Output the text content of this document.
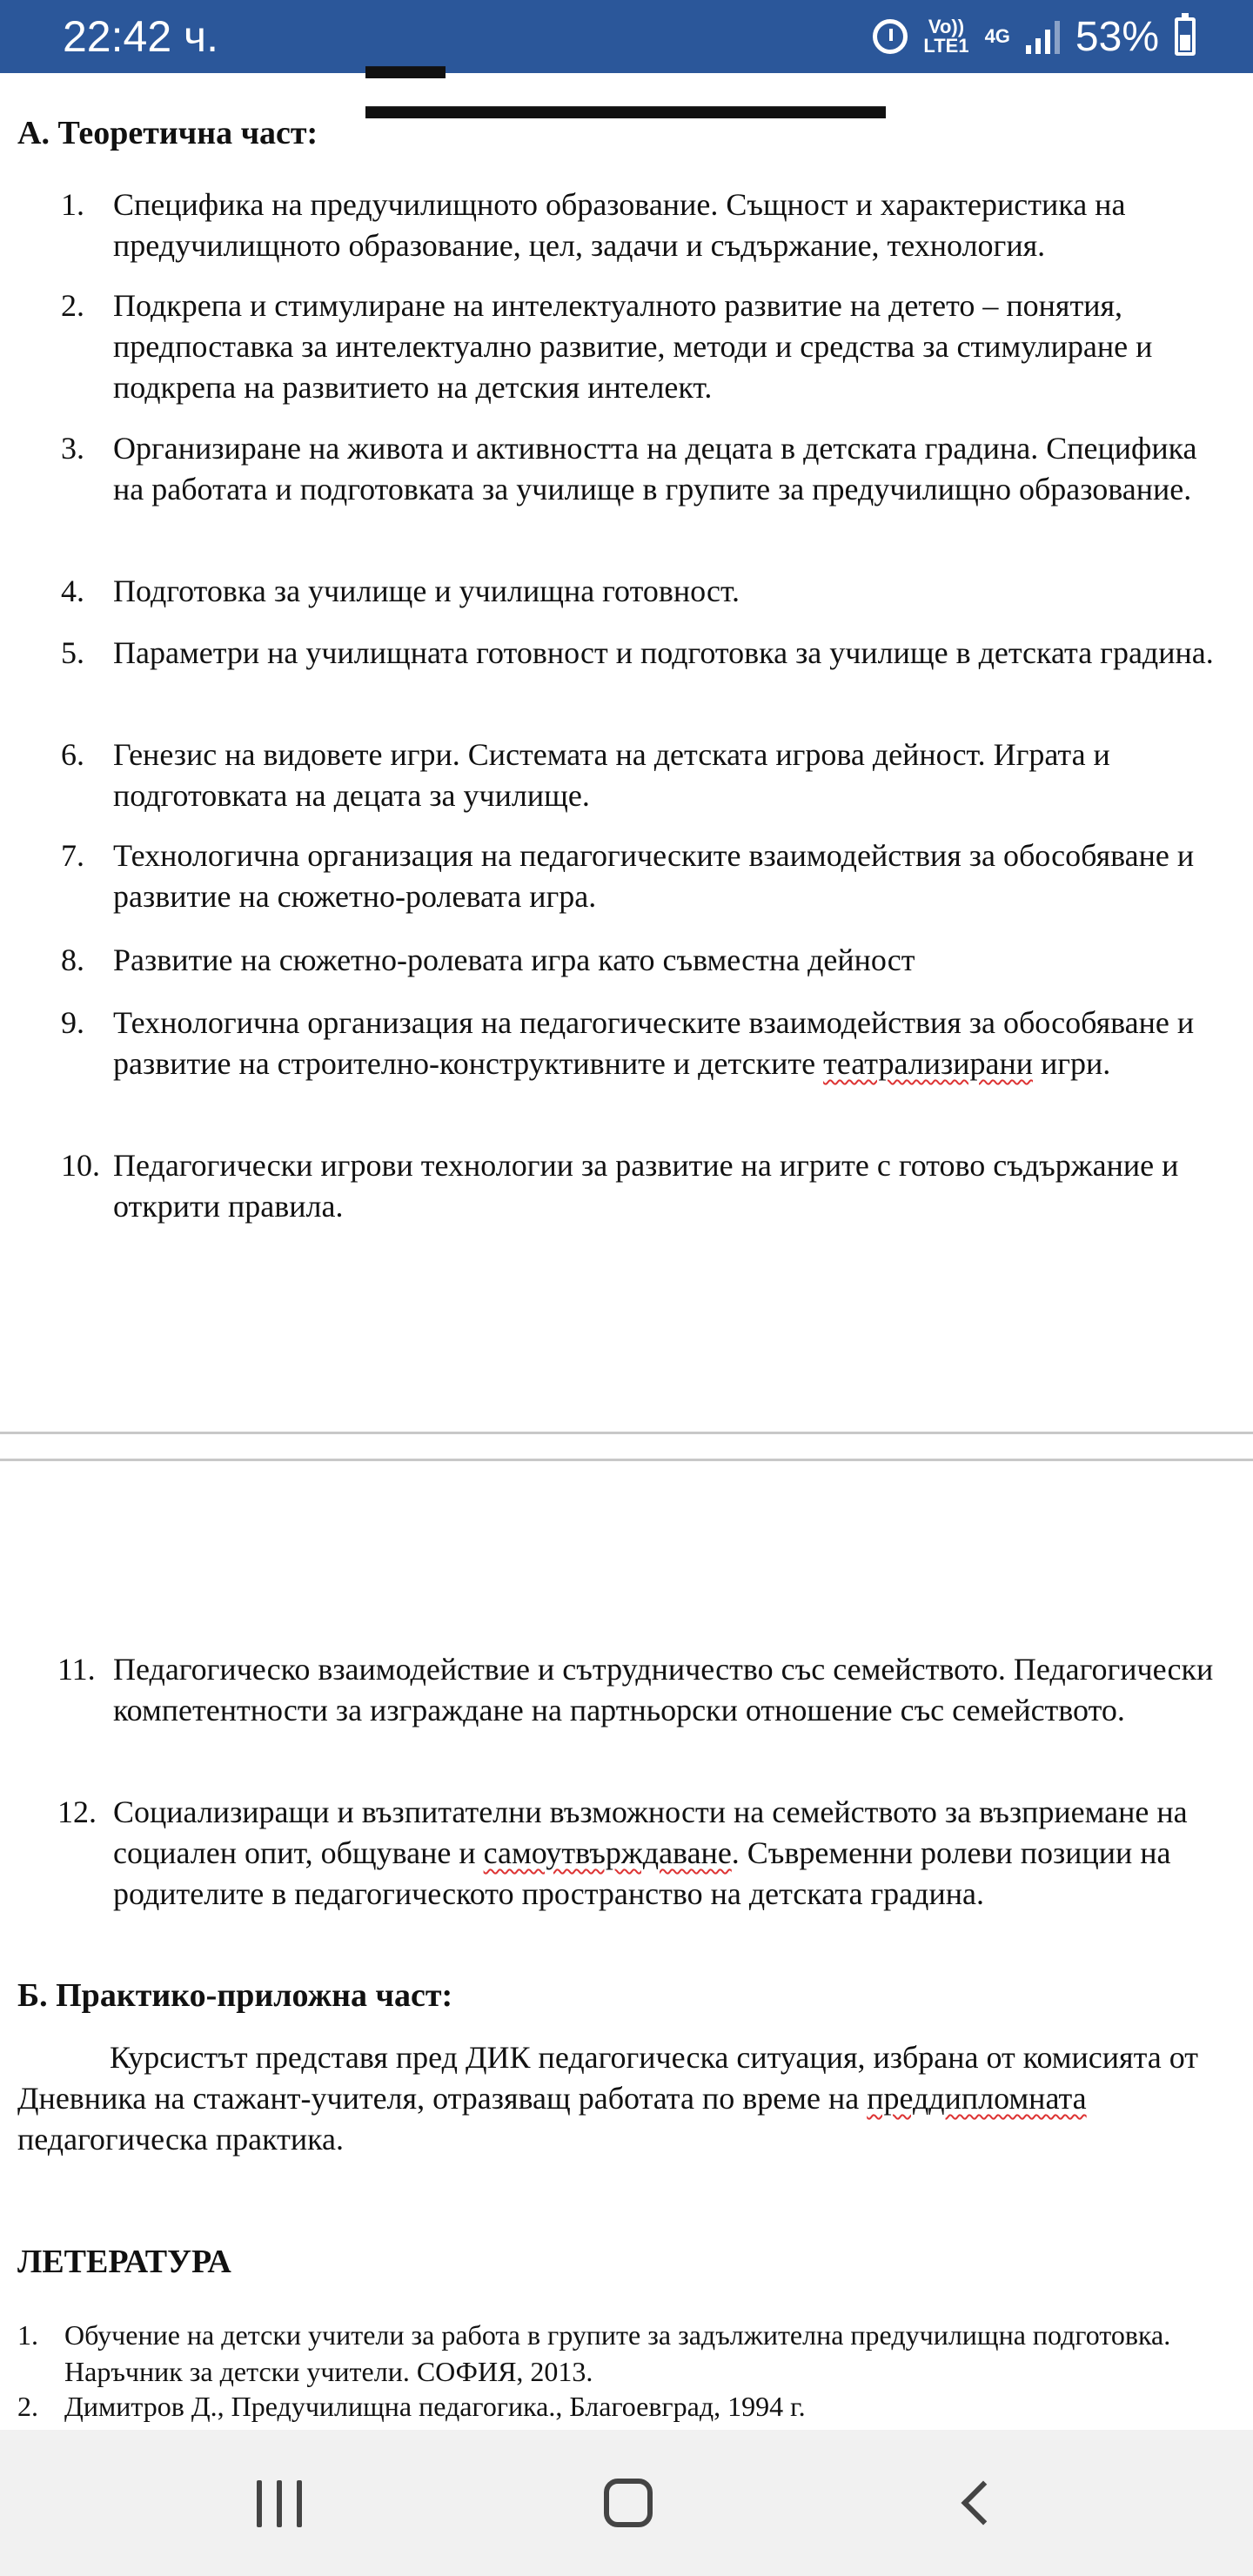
22:42 ч.	Vo))
LTE1 4G 53%
▬▬ ▬▬▬▬▬▬▬▬▬▬▬▬▬
А. Теоретична част:
1. Специфика на предучилищното образование. Същност и характеристика на предучилищното образование, цел, задачи и съдържание, технология.
2. Подкрепа и стимулиране на интелектуалното развитие на детето – понятия, предпоставка за интелектуално развитие, методи и средства за стимулиране и подкрепа на развитието на детския интелект.
3. Организиране на живота и активността на децата в детската градина. Специфика на работата и подготовката за училище в групите за предучилищно образование.
4. Подготовка за училище и училищна готовност.
5. Параметри на училищната готовност и подготовка за училище в детската градина.
6. Генезис на видовете игри. Системата на детската игрова дейност. Играта и подготовката на децата за училище.
7. Технологична организация на педагогическите взаимодействия за обособяване и развитие на сюжетно-ролевата игра.
8. Развитие на сюжетно-ролевата игра като съвместна дейност
9. Технологична организация на педагогическите взаимодействия за обособяване и развитие на строително-конструктивните и детските театрализирани игри.
10. Педагогически игрови технологии за развитие на игрите с готово съдържание и открити правила.
11. Педагогическо взаимодействие и сътрудничество със семейството. Педагогически компетентности за изграждане на партньорски отношение със семейството.
12. Социализиращи и възпитателни възможности на семейството за възприемане на социален опит, общуване и самоутвърждаване. Съвременни ролеви позиции на родителите в педагогическото пространство на детската градина.
Б. Практико-приложна част:
Курсистът представя пред ДИК педагогическа ситуация, избрана от комисията от Дневника на стажант-учителя, отразяващ работата по време на преддипломната педагогическа практика.
ЛЕТЕРАТУРА
1. Обучение на детски учители за работа в групите за задължителна предучилищна подготовка. Наръчник за детски учители. СОФИЯ, 2013.
2. Димитров Д., Предучилищна педагогика., Благоевград, 1994 г.
